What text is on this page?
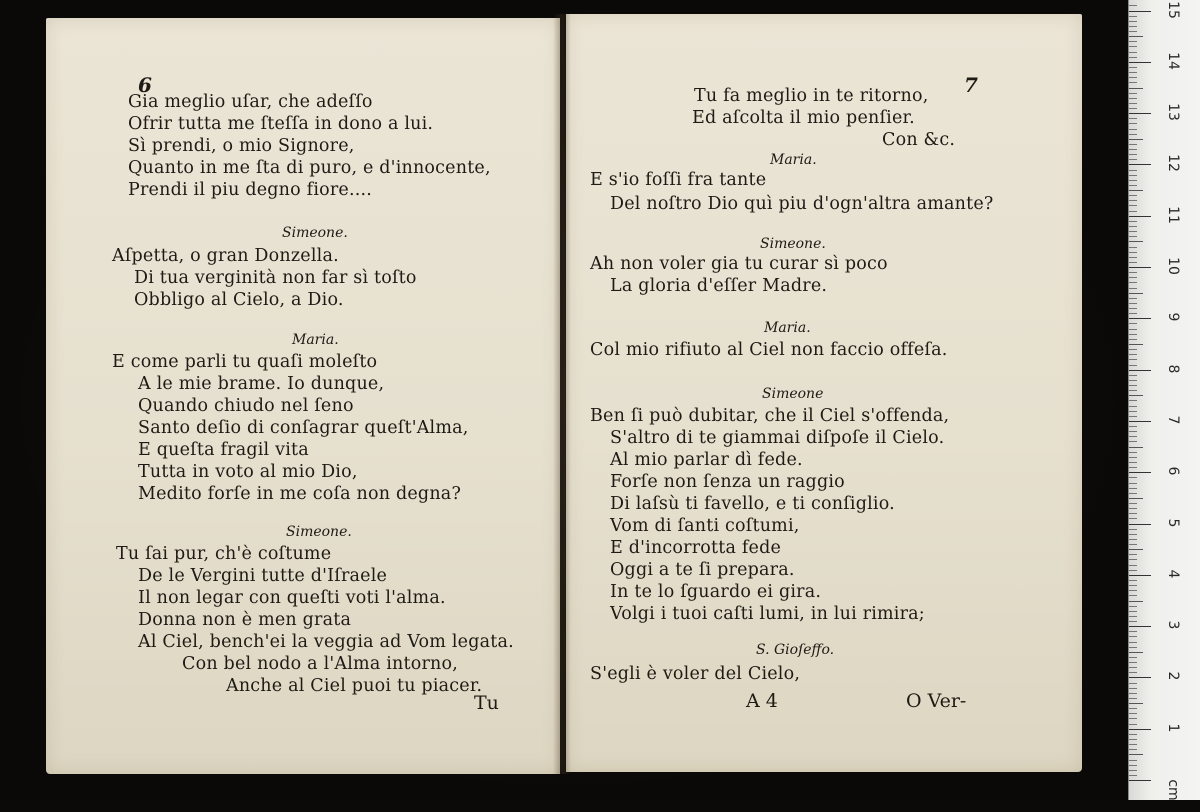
6
Gia meglio uſar, che adeſſo
Ofrir tutta me ſteſſa in dono a lui.
Sì prendi, o mio Signore,
Quanto in me ſta di puro, e d'innocente,
Prendi il piu degno fiore....
Simeone.
Aſpetta, o gran Donzella.
Di tua verginità non far sì toſto
Obbligo al Cielo, a Dio.
Maria.
E come parli tu quaſi moleſto
A le mie brame. Io dunque,
Quando chiudo nel ſeno
Santo deſio di conſagrar queſt'Alma,
E queſta fragil vita
Tutta in voto al mio Dio,
Medito forſe in me coſa non degna?
Simeone.
Tu ſai pur, ch'è coſtume
De le Vergini tutte d'Iſraele
Il non legar con queſti voti l'alma.
Donna non è men grata
Al Ciel, bench'ei la veggia ad Vom legata.
Con bel nodo a l'Alma intorno,
Anche al Ciel puoi tu piacer.
Tu
7
Tu fa meglio in te ritorno,
Ed aſcolta il mio penſier.
Con &c.
Maria.
E s'io foſſi fra tante
Del noſtro Dio quì piu d'ogn'altra amante?
Simeone.
Ah non voler gia tu curar sì poco
La gloria d'eſſer Madre.
Maria.
Col mio rifiuto al Ciel non faccio offeſa.
Simeone
Ben ſi può dubitar, che il Ciel s'offenda,
S'altro di te giammai diſpoſe il Cielo.
Al mio parlar dì fede.
Forſe non ſenza un raggio
Di laſsù ti favello, e ti conſiglio.
Vom di ſanti coſtumi,
E d'incorrotta fede
Oggi a te ſi prepara.
In te lo ſguardo ei gira.
Volgi i tuoi caſti lumi, in lui rimira;
S. Gioſeffo.
S'egli è voler del Cielo,
A 4	O Ver-
1
2
3
4
5
6
7
8
9
10
11
12
13
14
15
cm
